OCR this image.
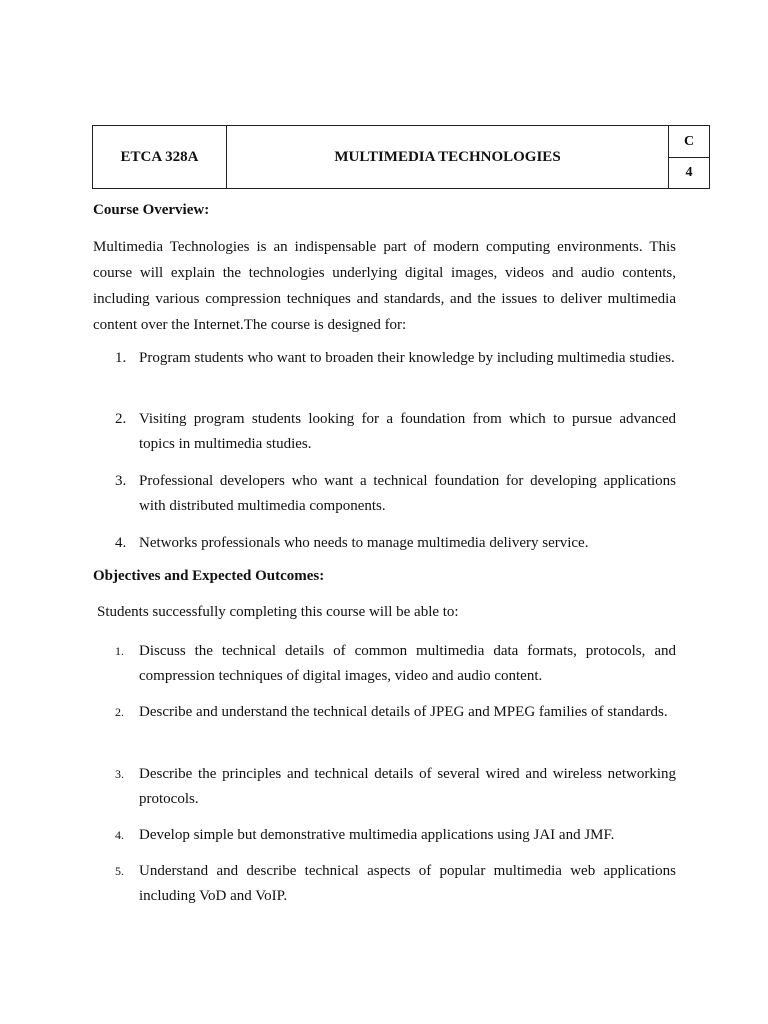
ETCA 328A	MULTIMEDIA TECHNOLOGIES
C
4
Course Overview:

Multimedia Technologies is an indispensable part of modern computing environments. This course will explain the technologies underlying digital images, videos and audio contents, including various compression techniques and standards, and the issues to deliver multimedia content over the Internet.The course is designed for:

1. Program students who want to broaden their knowledge by including multimedia studies.
2. Visiting program students looking for a foundation from which to pursue advanced topics in multimedia studies.
3. Professional developers who want a technical foundation for developing applications with distributed multimedia components.
4. Networks professionals who needs to manage multimedia delivery service.
Objectives and Expected Outcomes:
Students successfully completing this course will be able to:
1. Discuss the technical details of common multimedia data formats, protocols, and compression techniques of digital images, video and audio content.
2. Describe and understand the technical details of JPEG and MPEG families of standards.
3. Describe the principles and technical details of several wired and wireless networking protocols.
4. Develop simple but demonstrative multimedia applications using JAI and JMF.
5. Understand and describe technical aspects of popular multimedia web applications including VoD and VoIP.
